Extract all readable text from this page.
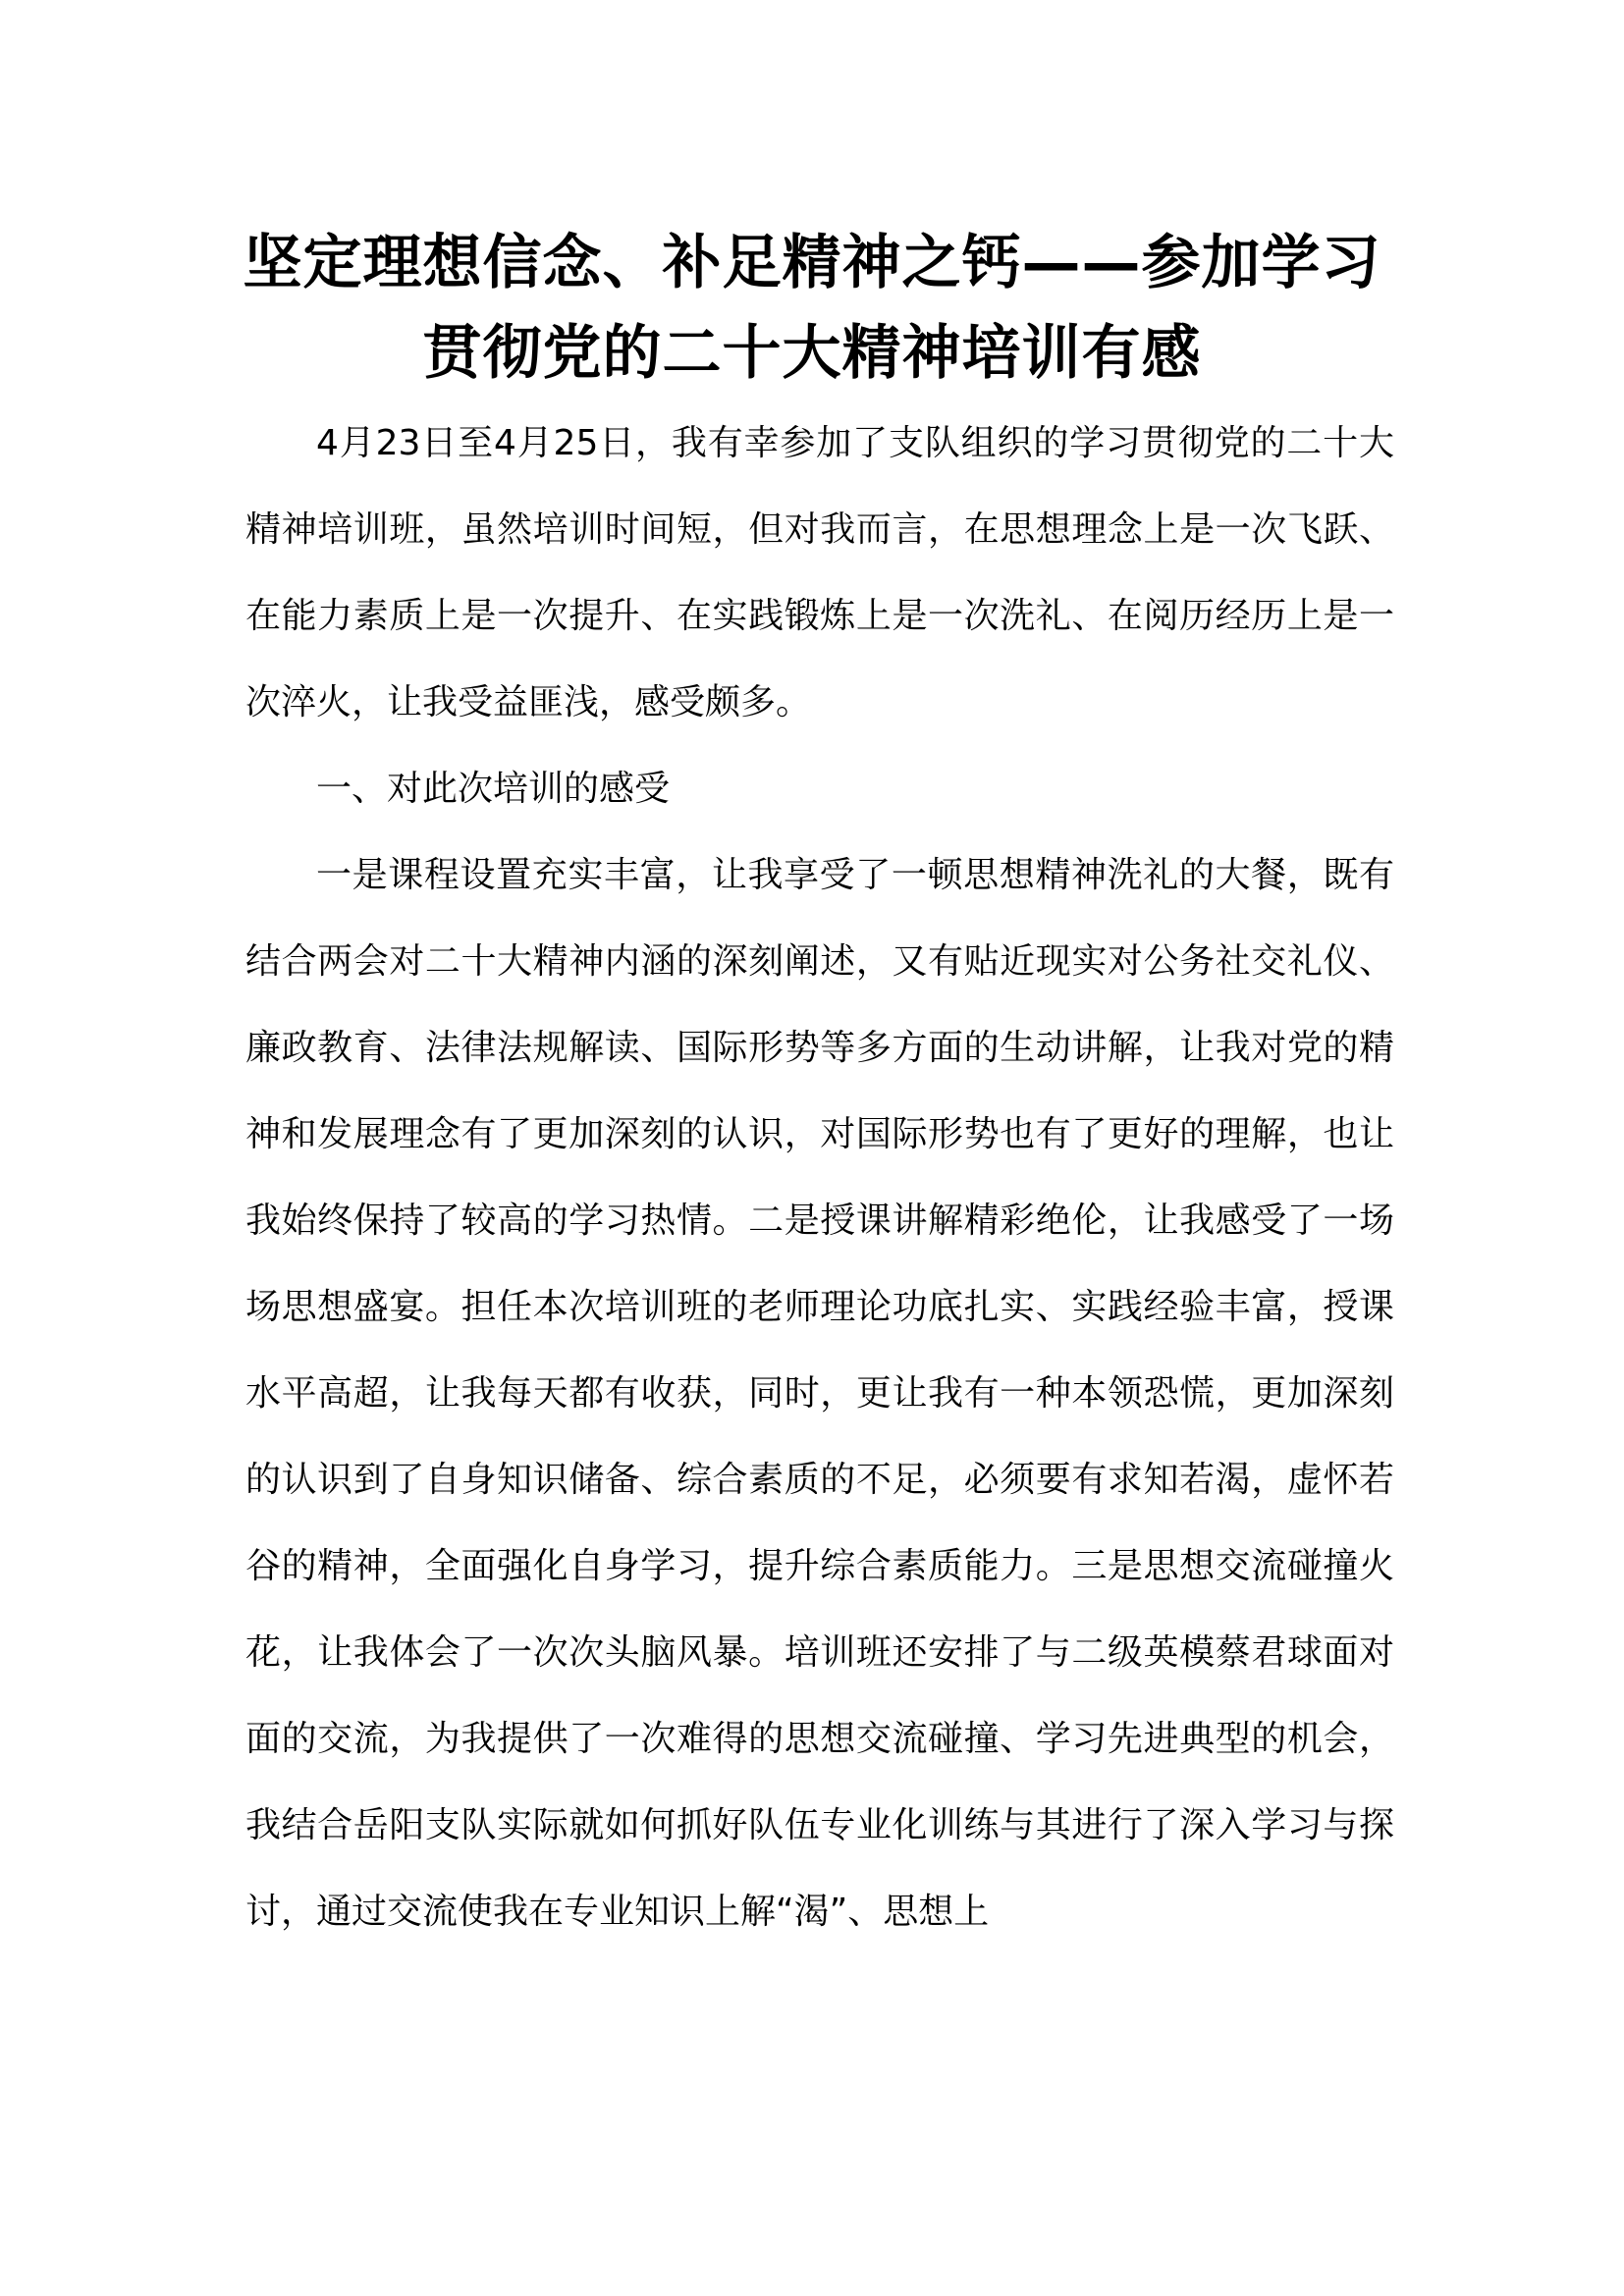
坚定理想信念、补足精神之钙——参加学习
贯彻党的二十大精神培训有感

4月23日至4月25日，我有幸参加了支队组织的学习贯彻党的二十大精神培训班，虽然培训时间短，但对我而言，在思想理念上是一次飞跃、在能力素质上是一次提升、在实践锻炼上是一次洗礼、在阅历经历上是一次淬火，让我受益匪浅，感受颇多。

一、对此次培训的感受

一是课程设置充实丰富，让我享受了一顿思想精神洗礼的大餐，既有结合两会对二十大精神内涵的深刻阐述，又有贴近现实对公务社交礼仪、廉政教育、法律法规解读、国际形势等多方面的生动讲解，让我对党的精神和发展理念有了更加深刻的认识，对国际形势也有了更好的理解，也让我始终保持了较高的学习热情。二是授课讲解精彩绝伦，让我感受了一场场思想盛宴。担任本次培训班的老师理论功底扎实、实践经验丰富，授课水平高超，让我每天都有收获，同时，更让我有一种本领恐慌，更加深刻的认识到了自身知识储备、综合素质的不足，必须要有求知若渴，虚怀若谷的精神，全面强化自身学习，提升综合素质能力。三是思想交流碰撞火花，让我体会了一次次头脑风暴。培训班还安排了与二级英模蔡君球面对面的交流，为我提供了一次难得的思想交流碰撞、学习先进典型的机会，我结合岳阳支队实际就如何抓好队伍专业化训练与其进行了深入学习与探讨，通过交流使我在专业知识上解“渴”、思想上
